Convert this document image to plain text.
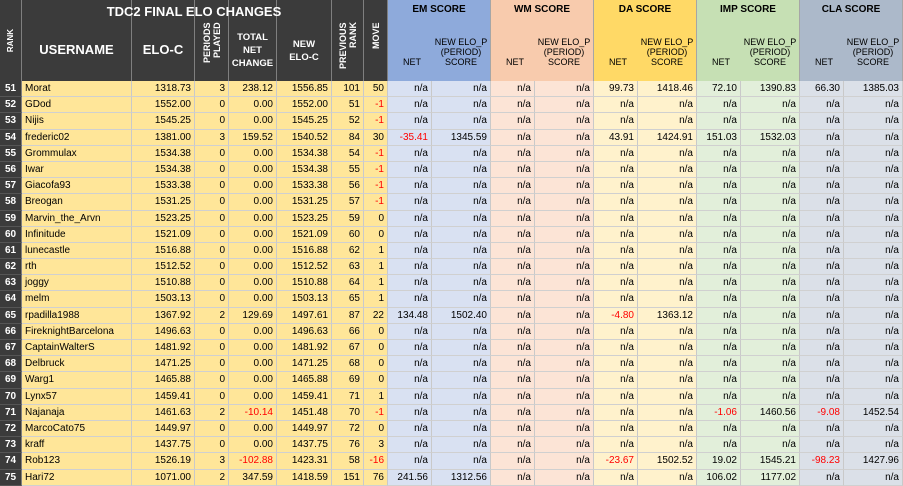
TDC2 FINAL ELO CHANGES
RANK USERNAME ELO-C PERIODS
PLAYED	TOTAL
NET
CHANGE
NEW
ELO-C PREVIOUS
RANK MOVE
EM SCORE
NET
NEW ELO_P
(PERIOD)
SCORE
WM SCORE
NET
NEW ELO_P
(PERIOD)
SCORE
DA SCORE
NET
NEW ELO_P
(PERIOD)
SCORE
IMP SCORE
NET
NEW ELO_P
(PERIOD)
SCORE
CLA SCORE
NET
NEW ELO_P
(PERIOD)
SCORE
51 Morat	1318.73	3	238.12	1556.85	101	50	n/a	n/a	n/a	n/a	99.73	1418.46	72.10	1390.83	66.30	1385.03
52 GDod	1552.00	0	0.00	1552.00	51	-1	n/a	n/a	n/a	n/a	n/a	n/a	n/a	n/a	n/a	n/a
53 Nijis	1545.25	0	0.00	1545.25	52	-1	n/a	n/a	n/a	n/a	n/a	n/a	n/a	n/a	n/a	n/a
54 frederic02	1381.00	3	159.52	1540.52	84	30	-35.41	1345.59	n/a	n/a	43.91	1424.91	151.03	1532.03	n/a	n/a
55 Grommulax	1534.38	0	0.00	1534.38	54	-1	n/a	n/a	n/a	n/a	n/a	n/a	n/a	n/a	n/a	n/a
56 Iwar	1534.38	0	0.00	1534.38	55	-1	n/a	n/a	n/a	n/a	n/a	n/a	n/a	n/a	n/a	n/a
57 Giacofa93	1533.38	0	0.00	1533.38	56	-1	n/a	n/a	n/a	n/a	n/a	n/a	n/a	n/a	n/a	n/a
58 Breogan	1531.25	0	0.00	1531.25	57	-1	n/a	n/a	n/a	n/a	n/a	n/a	n/a	n/a	n/a	n/a
59 Marvin_the_Arvn	1523.25	0	0.00	1523.25	59	0	n/a	n/a	n/a	n/a	n/a	n/a	n/a	n/a	n/a	n/a
60 Infinitude	1521.09	0	0.00	1521.09	60	0	n/a	n/a	n/a	n/a	n/a	n/a	n/a	n/a	n/a	n/a
61 lunecastle	1516.88	0	0.00	1516.88	62	1	n/a	n/a	n/a	n/a	n/a	n/a	n/a	n/a	n/a	n/a
62 rth	1512.52	0	0.00	1512.52	63	1	n/a	n/a	n/a	n/a	n/a	n/a	n/a	n/a	n/a	n/a
63 joggy	1510.88	0	0.00	1510.88	64	1	n/a	n/a	n/a	n/a	n/a	n/a	n/a	n/a	n/a	n/a
64 melm	1503.13	0	0.00	1503.13	65	1	n/a	n/a	n/a	n/a	n/a	n/a	n/a	n/a	n/a	n/a
65 rpadilla1988	1367.92	2	129.69	1497.61	87	22	134.48	1502.40	n/a	n/a	-4.80	1363.12	n/a	n/a	n/a	n/a
66 FireknightBarcelona	1496.63	0	0.00	1496.63	66	0	n/a	n/a	n/a	n/a	n/a	n/a	n/a	n/a	n/a	n/a
67 CaptainWalterS	1481.92	0	0.00	1481.92	67	0	n/a	n/a	n/a	n/a	n/a	n/a	n/a	n/a	n/a	n/a
68 Delbruck	1471.25	0	0.00	1471.25	68	0	n/a	n/a	n/a	n/a	n/a	n/a	n/a	n/a	n/a	n/a
69 Warg1	1465.88	0	0.00	1465.88	69	0	n/a	n/a	n/a	n/a	n/a	n/a	n/a	n/a	n/a	n/a
70 Lynx57	1459.41	0	0.00	1459.41	71	1	n/a	n/a	n/a	n/a	n/a	n/a	n/a	n/a	n/a	n/a
71 Najanaja	1461.63	2	-10.14	1451.48	70	-1	n/a	n/a	n/a	n/a	n/a	n/a	-1.06	1460.56	-9.08	1452.54
72 MarcoCato75	1449.97	0	0.00	1449.97	72	0	n/a	n/a	n/a	n/a	n/a	n/a	n/a	n/a	n/a	n/a
73 kraff	1437.75	0	0.00	1437.75	76	3	n/a	n/a	n/a	n/a	n/a	n/a	n/a	n/a	n/a	n/a
74 Rob123	1526.19	3	-102.88	1423.31	58 -16	n/a	n/a	n/a	n/a	-23.67	1502.52	19.02	1545.21	-98.23	1427.96
75 Hari72	1071.00	2	347.59	1418.59	151	76	241.56	1312.56	n/a	n/a	n/a	n/a	106.02	1177.02	n/a	n/a
